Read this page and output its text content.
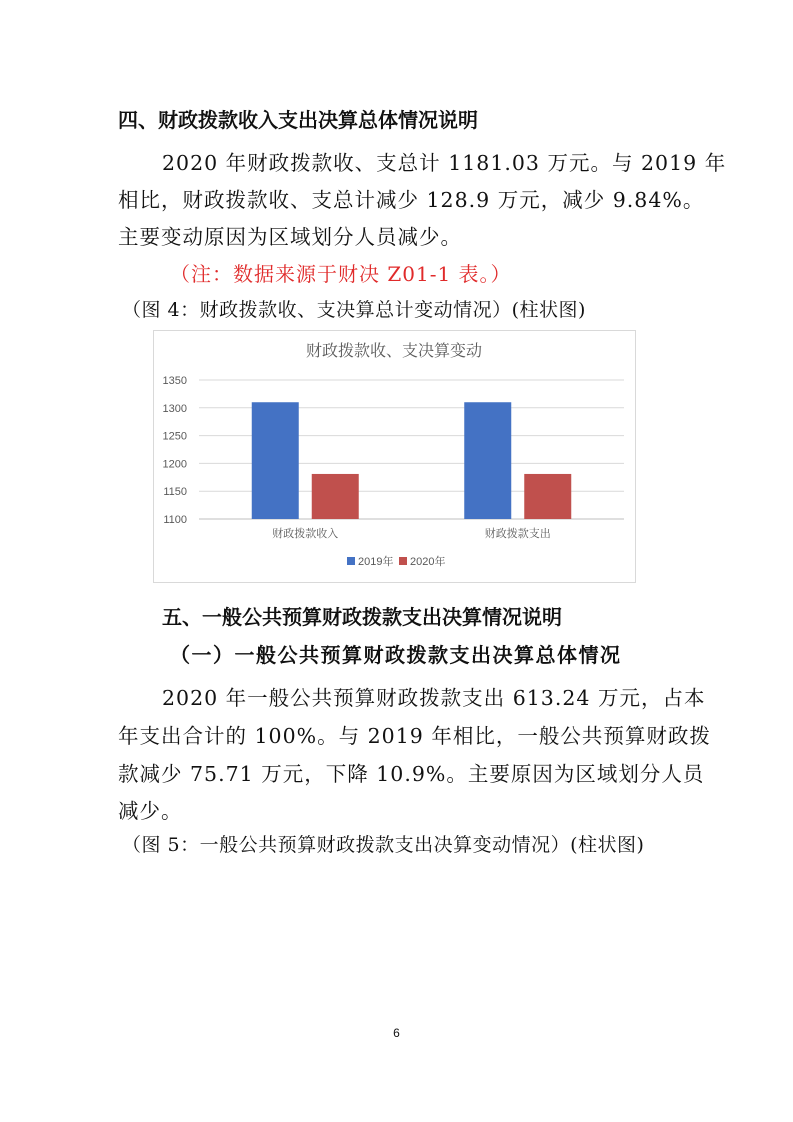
四、财政拨款收入支出决算总体情况说明
2020 年财政拨款收、支总计 1181.03 万元。与 2019 年
相比，财政拨款收、支总计减少 128.9 万元，减少 9.84%。
主要变动原因为区域划分人员减少。
（注：数据来源于财决 Z01-1 表。）
（图 4：财政拨款收、支决算总计变动情况）(柱状图)
财政拨款收、支决算变动
1100
1150
1200
1250
1300
1350
财政拨款收入	财政拨款支出
2019年 2020年
五、一般公共预算财政拨款支出决算情况说明
（一）一般公共预算财政拨款支出决算总体情况
2020 年一般公共预算财政拨款支出 613.24 万元，占本
年支出合计的 100%。与 2019 年相比，一般公共预算财政拨
款减少 75.71 万元，下降 10.9%。主要原因为区域划分人员
减少。
（图 5：一般公共预算财政拨款支出决算变动情况）(柱状图)
6
